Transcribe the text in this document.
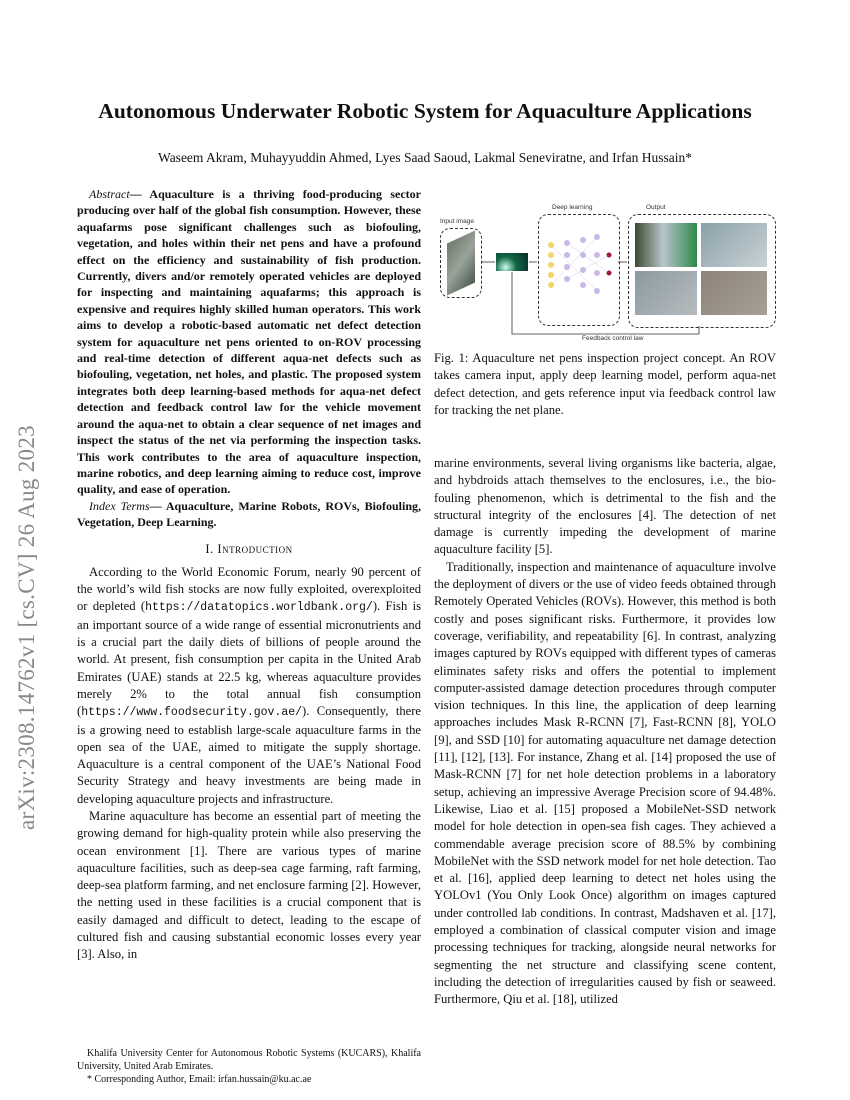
Autonomous Underwater Robotic System for Aquaculture Applications
Waseem Akram, Muhayyuddin Ahmed, Lyes Saad Saoud, Lakmal Seneviratne, and Irfan Hussain*
arXiv:2308.14762v1 [cs.CV] 26 Aug 2023

Abstract— Aquaculture is a thriving food-producing sector producing over half of the global fish consumption. However, these aquafarms pose significant challenges such as biofouling, vegetation, and holes within their net pens and have a profound effect on the efficiency and sustainability of fish production. Currently, divers and/or remotely operated vehicles are deployed for inspecting and maintaining aquafarms; this approach is expensive and requires highly skilled human operators. This work aims to develop a robotic-based automatic net defect detection system for aquaculture net pens oriented to on-ROV processing and real-time detection of different aqua-net defects such as biofouling, vegetation, net holes, and plastic. The proposed system integrates both deep learning-based methods for aqua-net defect detection and feedback control law for the vehicle movement around the aqua-net to obtain a clear sequence of net images and inspect the status of the net via performing the inspection tasks. This work contributes to the area of aquaculture inspection, marine robotics, and deep learning aiming to reduce cost, improve quality, and ease of operation.

Index Terms— Aquaculture, Marine Robots, ROVs, Biofouling, Vegetation, Deep Learning.

I. Introduction

According to the World Economic Forum, nearly 90 percent of the world’s wild fish stocks are now fully exploited, overexploited or depleted (https://datatopics.worldbank.org/). Fish is an important source of a wide range of essential micronutrients and is a crucial part the daily diets of billions of people around the world. At present, fish consumption per capita in the United Arab Emirates (UAE) stands at 22.5 kg, whereas aquaculture provides merely 2% to the total annual fish consumption (https://www.foodsecurity.gov.ae/). Consequently, there is a growing need to establish large-scale aquaculture farms in the open sea of the UAE, aimed to mitigate the supply shortage. Aquaculture is a central component of the UAE’s National Food Security Strategy and heavy investments are being made in developing aquaculture projects and infrastructure.

Marine aquaculture has become an essential part of meeting the growing demand for high-quality protein while also preserving the ocean environment [1]. There are various types of marine aquaculture facilities, such as deep-sea cage farming, raft farming, deep-sea platform farming, and net enclosure farming [2]. However, the netting used in these facilities is a crucial component that is easily damaged and difficult to detect, leading to the escape of cultured fish and causing substantial economic losses every year [3]. Also, in

Khalifa University Center for Autonomous Robotic Systems (KUCARS), Khalifa University, United Arab Emirates.

* Corresponding Author, Email: irfan.hussain@ku.ac.ae

Input image
Deep learning	Output
Feedback control law
Fig. 1: Aquaculture net pens inspection project concept. An ROV takes camera input, apply deep learning model, perform aqua-net defect detection, and gets reference input via feedback control law for tracking the net plane.

marine environments, several living organisms like bacteria, algae, and hybdroids attach themselves to the enclosures, i.e., the bio-fouling phenomenon, which is detrimental to the fish and the structural integrity of the enclosures [4]. The detection of net damage is currently impeding the development of marine aquaculture facility [5].

Traditionally, inspection and maintenance of aquaculture involve the deployment of divers or the use of video feeds obtained through Remotely Operated Vehicles (ROVs). However, this method is both costly and poses significant risks. Furthermore, it provides low coverage, verifiability, and repeatability [6]. In contrast, analyzing images captured by ROVs equipped with different types of cameras eliminates safety risks and offers the potential to implement computer-assisted damage detection procedures through computer vision techniques. In this line, the application of deep learning approaches includes Mask R-RCNN [7], Fast-RCNN [8], YOLO [9], and SSD [10] for automating aquaculture net damage detection [11], [12], [13]. For instance, Zhang et al. [14] proposed the use of Mask-RCNN [7] for net hole detection problems in a laboratory setup, achieving an impressive Average Precision score of 94.48%. Likewise, Liao et al. [15] proposed a MobileNet-SSD network model for hole detection in open-sea fish cages. They achieved a commendable average precision score of 88.5% by combining MobileNet with the SSD network model for net hole detection. Tao et al. [16], applied deep learning to detect net holes using the YOLOv1 (You Only Look Once) algorithm on images captured under controlled lab conditions. In contrast, Madshaven et al. [17], employed a combination of classical computer vision and image processing techniques for tracking, alongside neural networks for segmenting the net structure and classifying scene content, including the detection of irregularities caused by fish or seaweed. Furthermore, Qiu et al. [18], utilized
